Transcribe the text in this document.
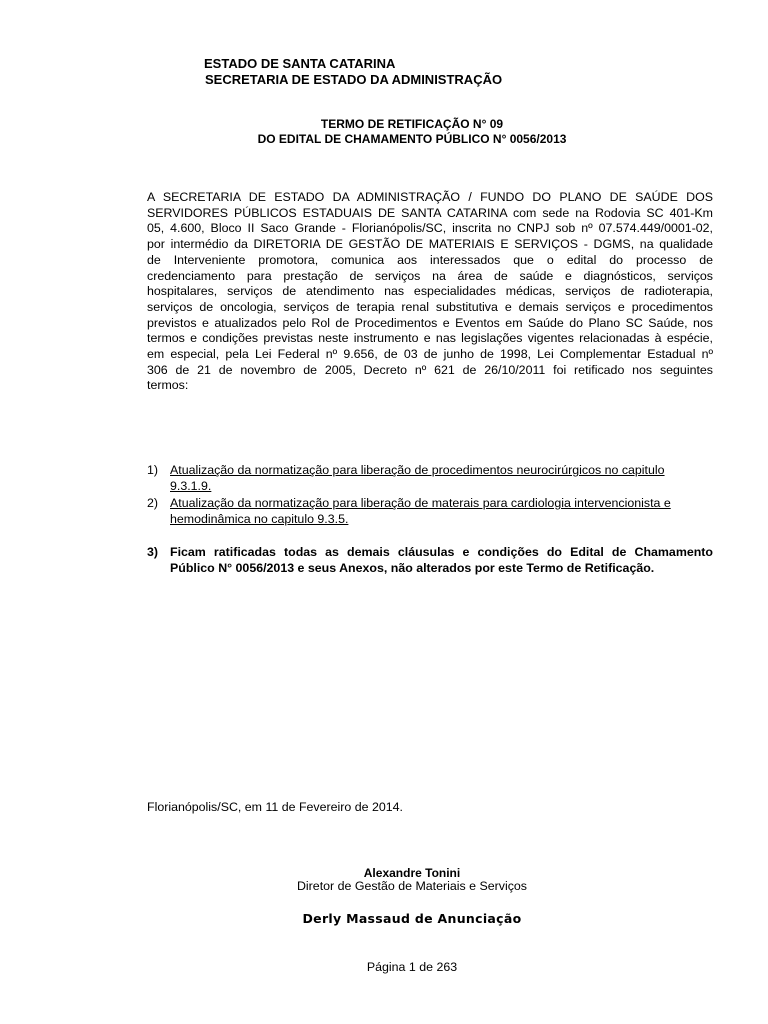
ESTADO DE SANTA CATARINA
SECRETARIA DE ESTADO DA ADMINISTRAÇÃO
TERMO DE RETIFICAÇÃO N° 09
DO EDITAL DE CHAMAMENTO PÚBLICO N° 0056/2013
A SECRETARIA DE ESTADO DA ADMINISTRAÇÃO / FUNDO DO PLANO DE SAÚDE DOS
SERVIDORES PÚBLICOS ESTADUAIS DE SANTA CATARINA com sede na Rodovia SC 401-Km
05, 4.600, Bloco II Saco Grande - Florianópolis/SC, inscrita no CNPJ sob nº 07.574.449/0001-02,
por intermédio da DIRETORIA DE GESTÃO DE MATERIAIS E SERVIÇOS - DGMS, na qualidade
de Interveniente promotora, comunica aos interessados que o edital do processo de
credenciamento para prestação de serviços na área de saúde e diagnósticos, serviços
hospitalares, serviços de atendimento nas especialidades médicas, serviços de radioterapia,
serviços de oncologia, serviços de terapia renal substitutiva e demais serviços e procedimentos
previstos e atualizados pelo Rol de Procedimentos e Eventos em Saúde do Plano SC Saúde, nos
termos e condições previstas neste instrumento e nas legislações vigentes relacionadas à espécie,
em especial, pela Lei Federal nº 9.656, de 03 de junho de 1998, Lei Complementar Estadual nº
306 de 21 de novembro de 2005, Decreto nº 621 de 26/10/2011 foi retificado nos seguintes
termos:
1) Atualização da normatização para liberação de procedimentos neurocirúrgicos no capitulo
9.3.1.9.
2) Atualização da normatização para liberação de materais para cardiologia intervencionista e
hemodinâmica no capitulo 9.3.5.
3) Ficam ratificadas todas as demais cláusulas e condições do Edital de Chamamento
Público N° 0056/2013 e seus Anexos, não alterados por este Termo de Retificação.
Florianópolis/SC, em 11 de Fevereiro de 2014.
Alexandre Tonini
Diretor de Gestão de Materiais e Serviços
Derly Massaud de Anunciação
Página 1 de 263
